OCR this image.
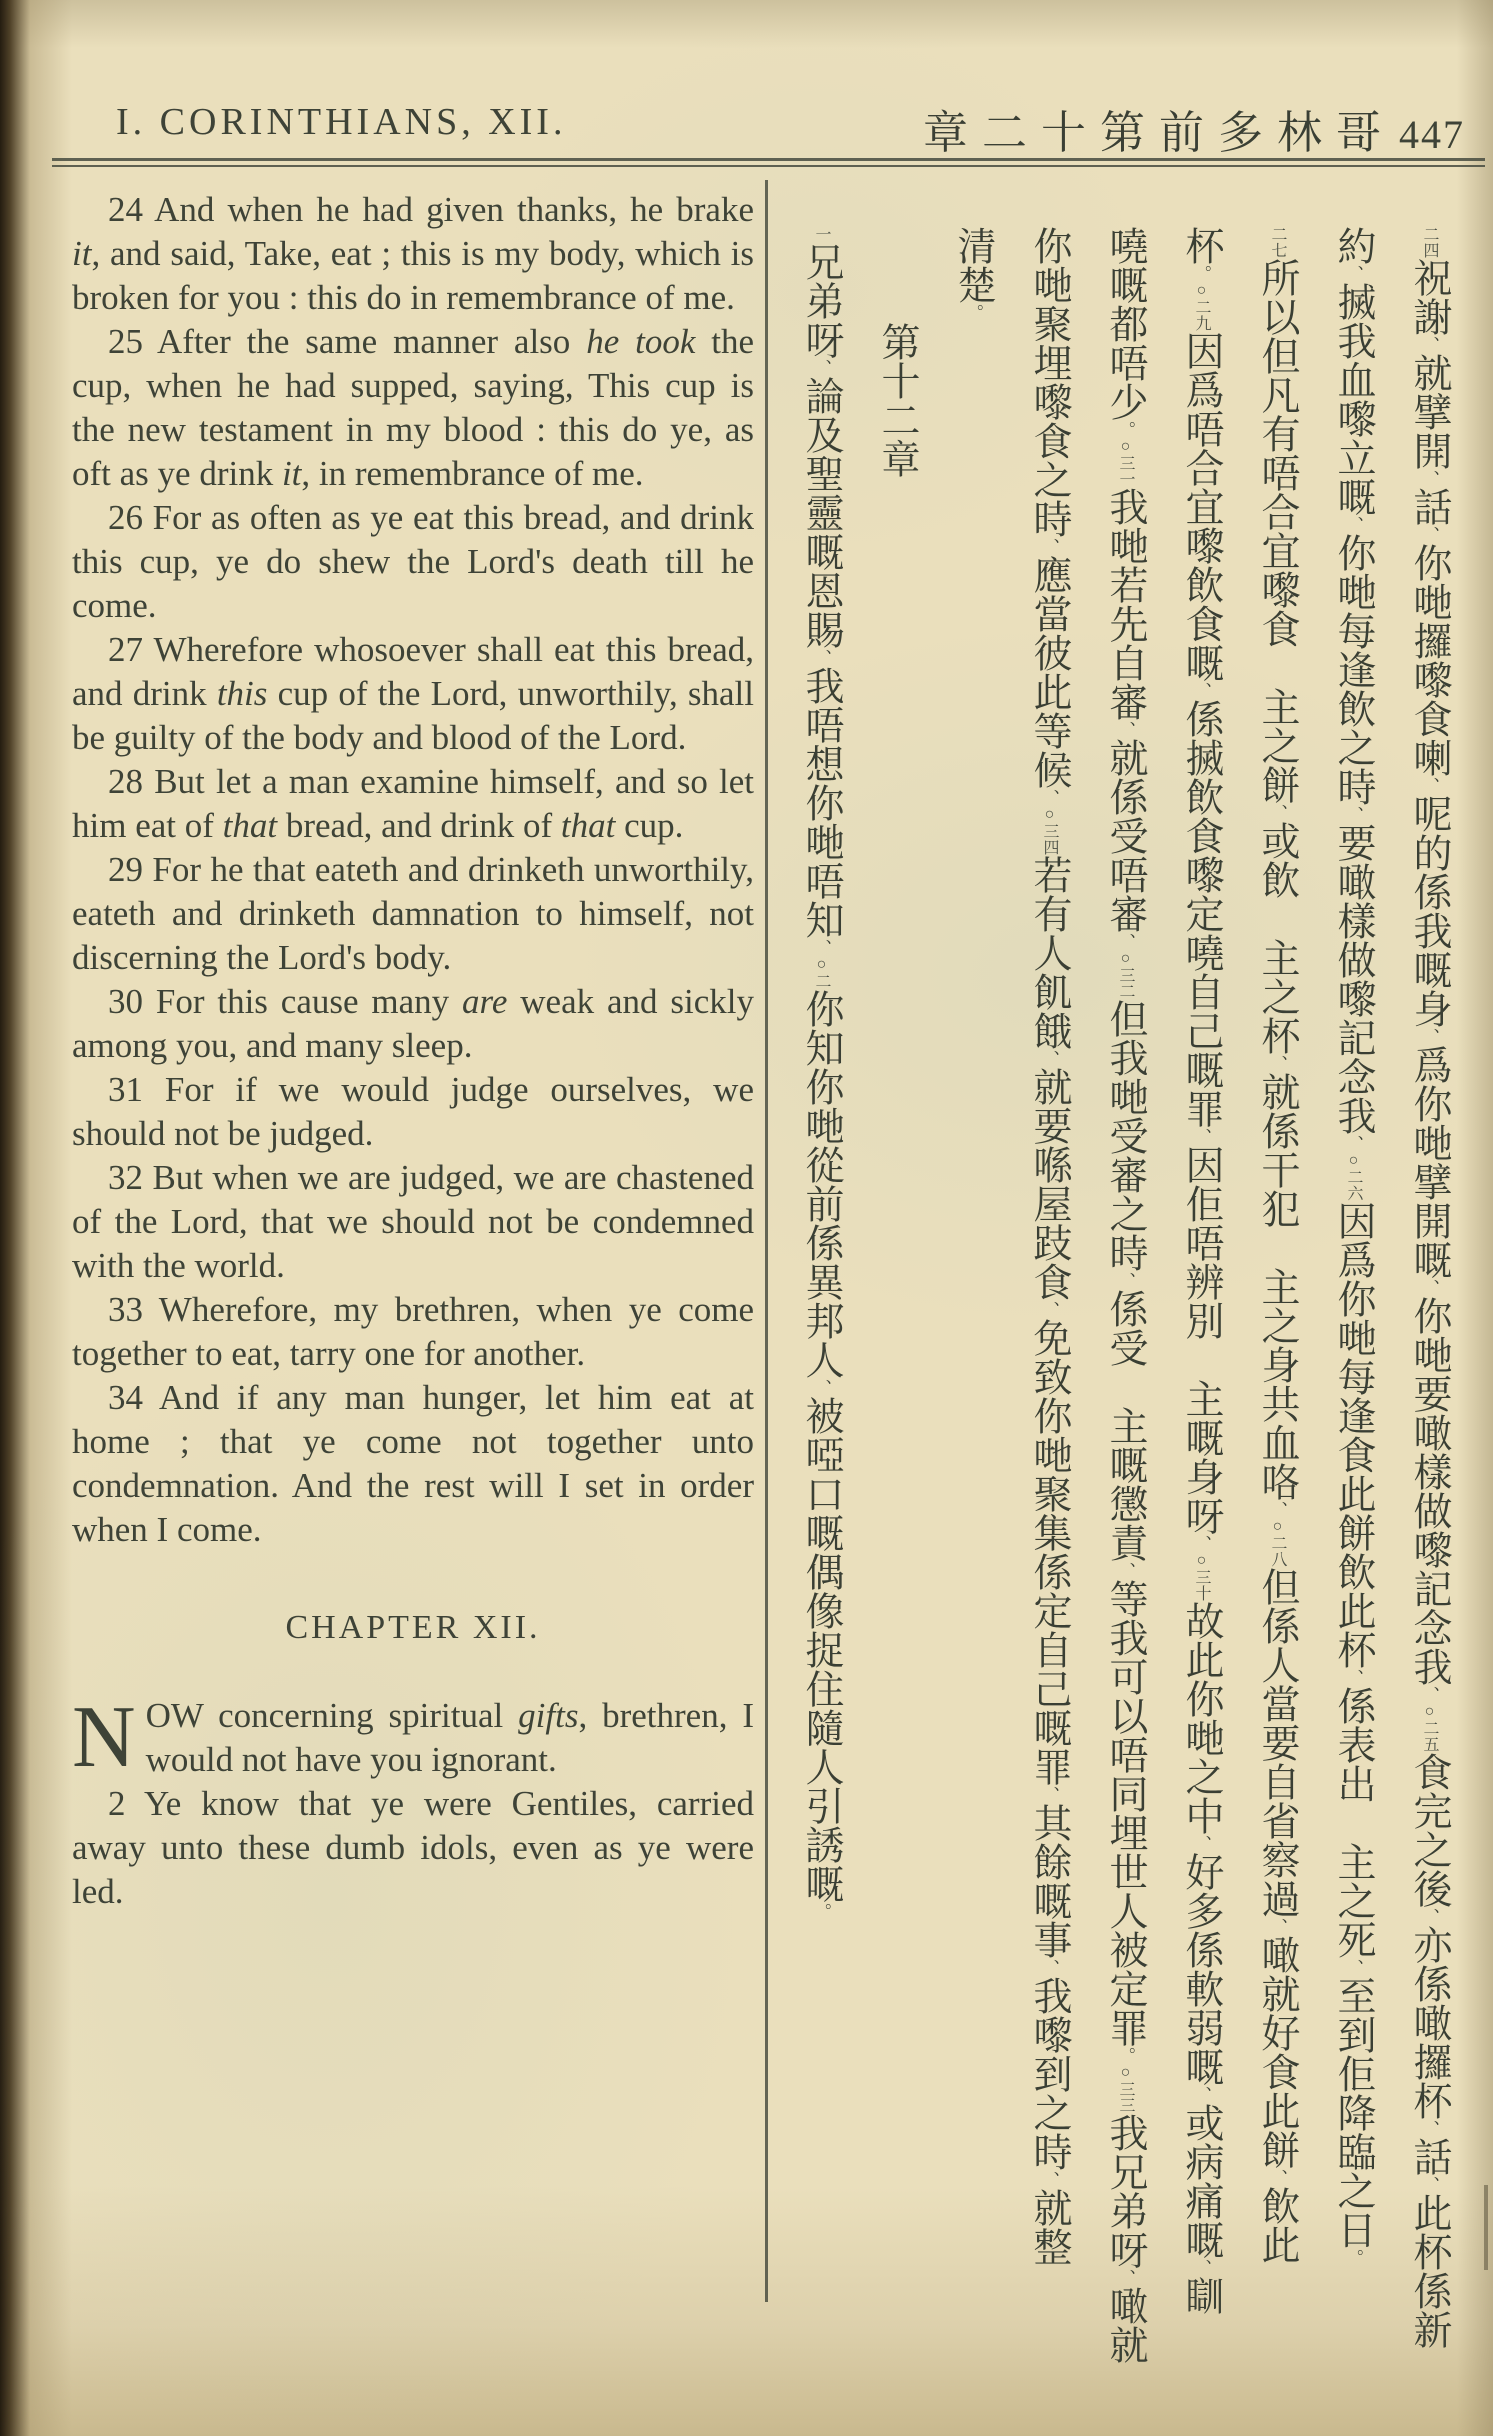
I. CORINTHIANS, XII.	章二十第前多林哥 447

24 And when he had given thanks, he brake it, and said, Take, eat ; this is my body, which is broken for you : this do in remembrance of me.

25 After the same manner also he took the cup, when he had supped, saying, This cup is the new testament in my blood : this do ye, as oft as ye drink it, in remembrance of me.

26 For as often as ye eat this bread, and drink this cup, ye do shew the Lord's death till he come.

27 Wherefore whosoever shall eat this bread, and drink this cup of the Lord, unworthily, shall be guilty of the body and blood of the Lord.

28 But let a man examine himself, and so let him eat of that bread, and drink of that cup.

29 For he that eateth and drinketh unworthily, eateth and drinketh damnation to himself, not discerning the Lord's body.

30 For this cause many are weak and sickly among you, and many sleep.

31 For if we would judge ourselves, we should not be judged.

32 But when we are judged, we are chastened of the Lord, that we should not be condemned with the world.

33 Wherefore, my brethren, when ye come together to eat, tarry one for another.

34 And if any man hunger, let him eat at home ; that ye come not together unto condemnation. And the rest will I set in order when I come.

CHAPTER XII.

NOW concerning spiritual gifts, brethren, I would not have you ignorant.

2 Ye know that ye were Gentiles, carried away unto these dumb idols, even as ye were led.

二四祝謝、就擘開、話、你哋攞嚟食喇、呢的係我嘅身、爲你哋擘開嘅、你哋要噉樣做嚟記念我、○二五食完之後、亦係噉攞杯、話、此杯係新
約、搣我血嚟立嘅、你哋每逢飲之時、要噉樣做嚟記念我、○二六因爲你哋每逢食此餅飲此杯、係表出　主之死、至到佢降臨之日。
二七所以但凡有唔合宜嚟食　主之餅、或飲　主之杯、就係干犯　主之身共血咯、○二八但係人當要自省察過、噉就好食此餅、飲此
杯。○二九因爲唔合宜嚟飲食嘅、係搣飲食嚟定嘵自己嘅罪、因佢唔辨別　主嘅身呀、○三十故此你哋之中、好多係軟弱嘅、或病痛嘅、瞓
嘵嘅都唔少。○三一我哋若先自審、就係受唔審、○三二但我哋受審之時、係受　主嘅懲責、等我可以唔同埋世人被定罪。○三三我兄弟呀、噉就
你哋聚埋嚟食之時、應當彼此等候、○三四若有人飢餓、就要喺屋跂食、免致你哋聚集係定自己嘅罪、其餘嘅事、我嚟到之時、就整
清楚。
第十二章
一兄弟呀、論及聖靈嘅恩賜、我唔想你哋唔知、○二你知你哋從前係異邦人、被啞口嘅偶像捉住隨人引誘嘅。
